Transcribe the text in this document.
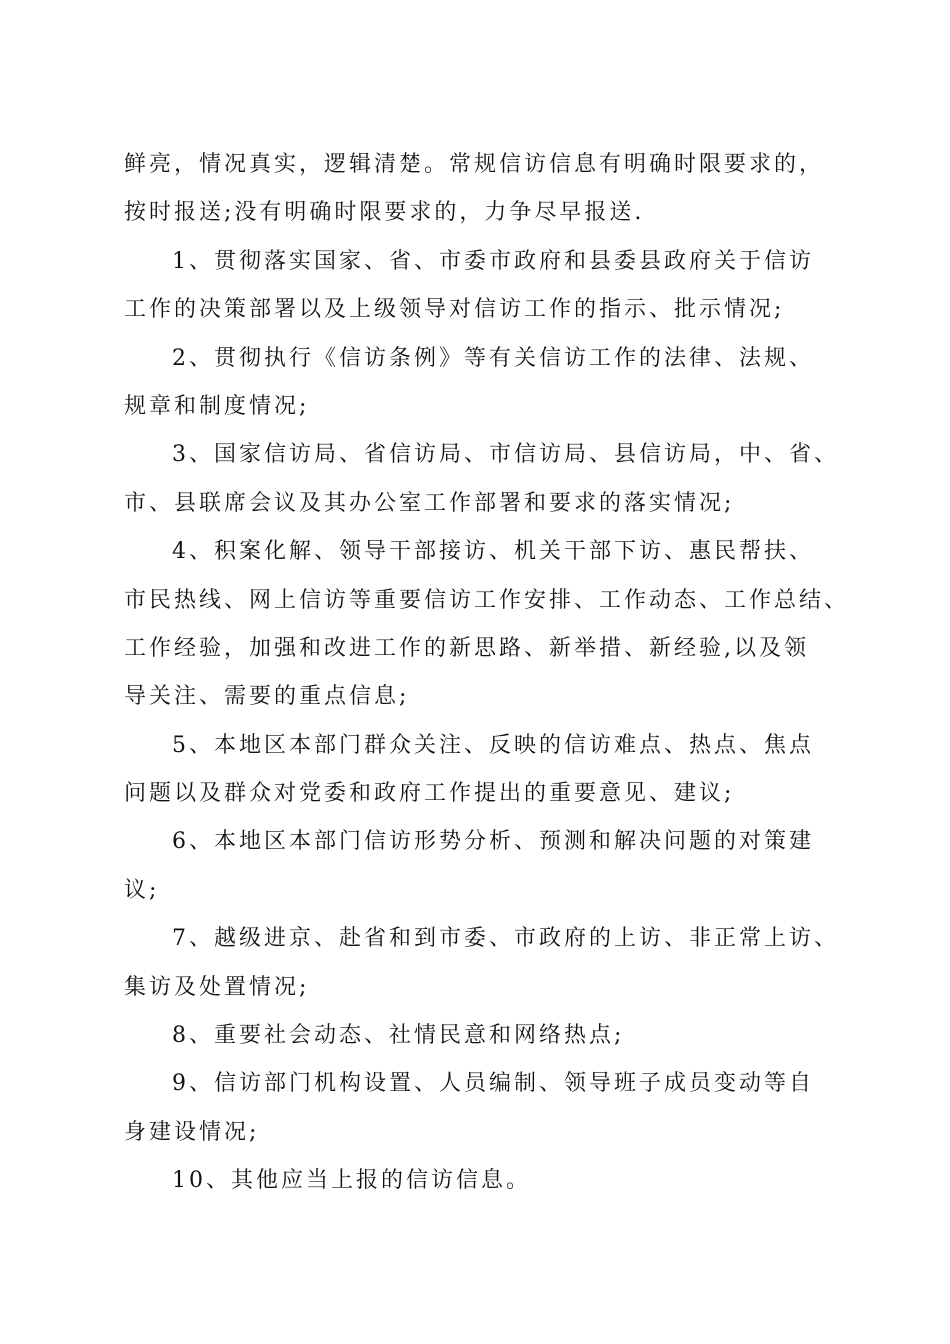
鲜亮，情况真实，逻辑清楚。常规信访信息有明确时限要求的，
按时报送;没有明确时限要求的，力争尽早报送.
1、贯彻落实国家、省、市委市政府和县委县政府关于信访
工作的决策部署以及上级领导对信访工作的指示、批示情况;
2、贯彻执行《信访条例》等有关信访工作的法律、法规、
规章和制度情况;
3、国家信访局、省信访局、市信访局、县信访局，中、省、
市、县联席会议及其办公室工作部署和要求的落实情况;
4、积案化解、领导干部接访、机关干部下访、惠民帮扶、
市民热线、网上信访等重要信访工作安排、工作动态、工作总结、
工作经验，加强和改进工作的新思路、新举措、新经验,以及领
导关注、需要的重点信息;
5、本地区本部门群众关注、反映的信访难点、热点、焦点
问题以及群众对党委和政府工作提出的重要意见、建议;
6、本地区本部门信访形势分析、预测和解决问题的对策建
议;
7、越级进京、赴省和到市委、市政府的上访、非正常上访、
集访及处置情况;
8、重要社会动态、社情民意和网络热点;
9、信访部门机构设置、人员编制、领导班子成员变动等自
身建设情况;
10、其他应当上报的信访信息。
